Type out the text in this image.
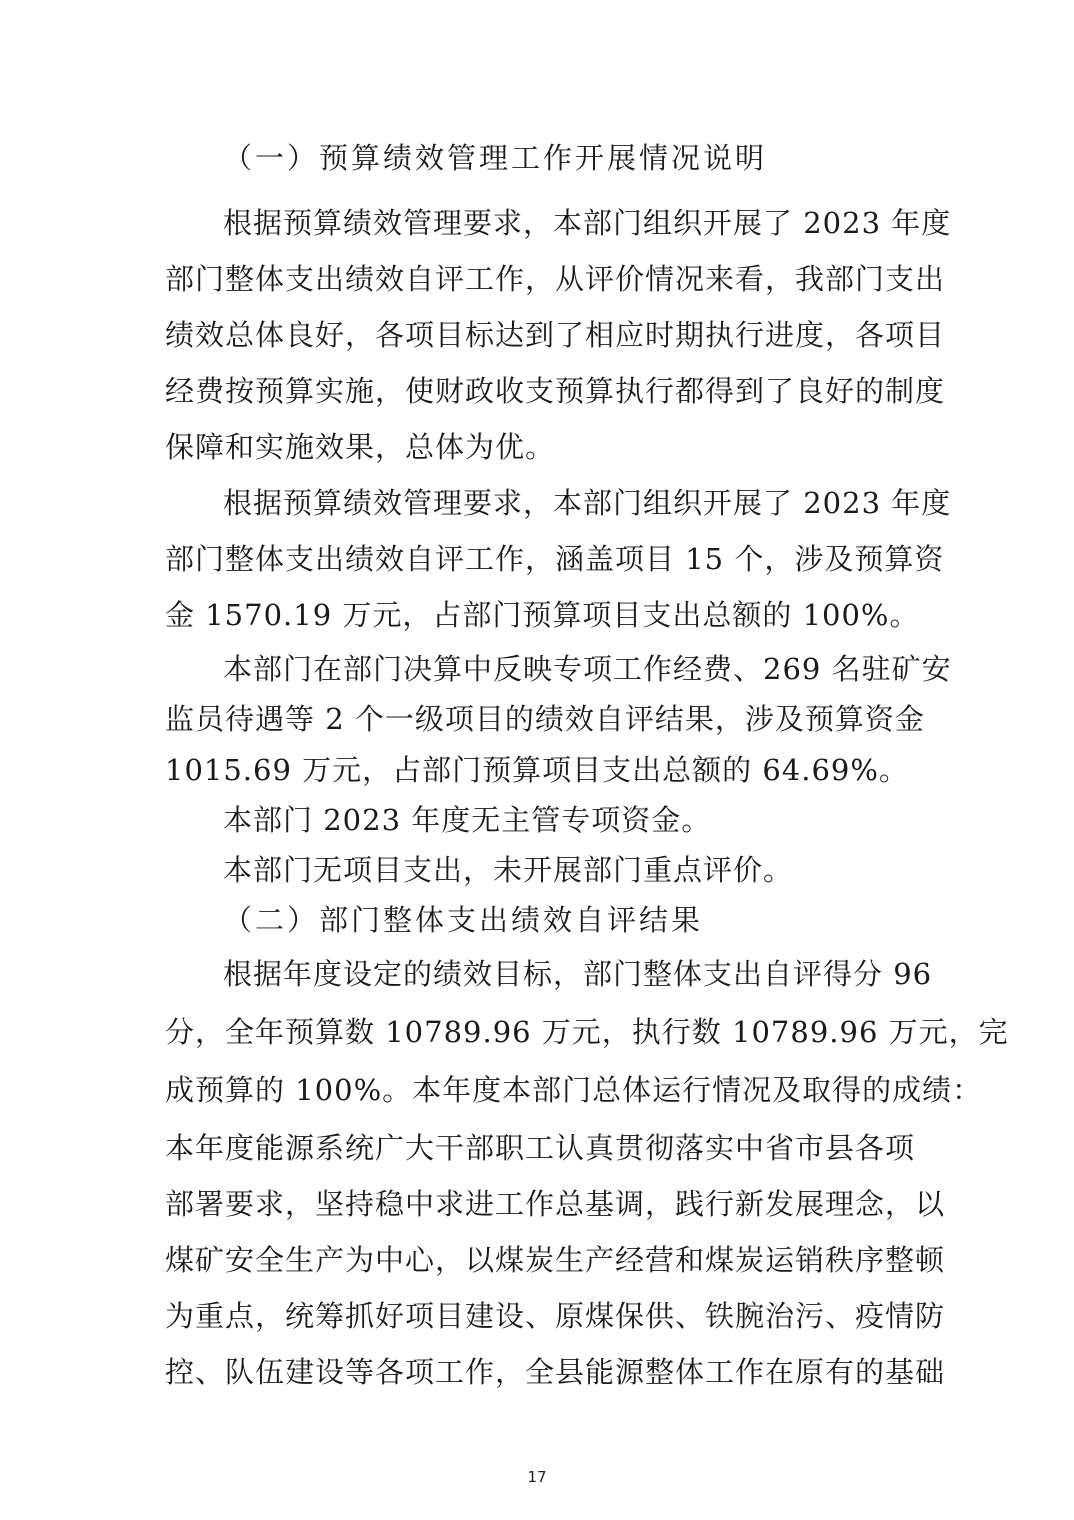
（一）预算绩效管理工作开展情况说明
根据预算绩效管理要求，本部门组织开展了 2023 年度
部门整体支出绩效自评工作，从评价情况来看，我部门支出
绩效总体良好，各项目标达到了相应时期执行进度，各项目
经费按预算实施，使财政收支预算执行都得到了良好的制度
保障和实施效果，总体为优。
根据预算绩效管理要求，本部门组织开展了 2023 年度
部门整体支出绩效自评工作，涵盖项目 15 个，涉及预算资
金 1570.19 万元，占部门预算项目支出总额的 100%。
本部门在部门决算中反映专项工作经费、269 名驻矿安
监员待遇等 2 个一级项目的绩效自评结果，涉及预算资金
1015.69 万元，占部门预算项目支出总额的 64.69%。
本部门 2023 年度无主管专项资金。
本部门无项目支出，未开展部门重点评价。
（二）部门整体支出绩效自评结果
根据年度设定的绩效目标，部门整体支出自评得分 96
分，全年预算数 10789.96 万元，执行数 10789.96 万元，完
成预算的 100%。本年度本部门总体运行情况及取得的成绩：
本年度能源系统广大干部职工认真贯彻落实中省市县各项
部署要求，坚持稳中求进工作总基调，践行新发展理念，以
煤矿安全生产为中心，以煤炭生产经营和煤炭运销秩序整顿
为重点，统筹抓好项目建设、原煤保供、铁腕治污、疫情防
控、队伍建设等各项工作，全县能源整体工作在原有的基础
17
